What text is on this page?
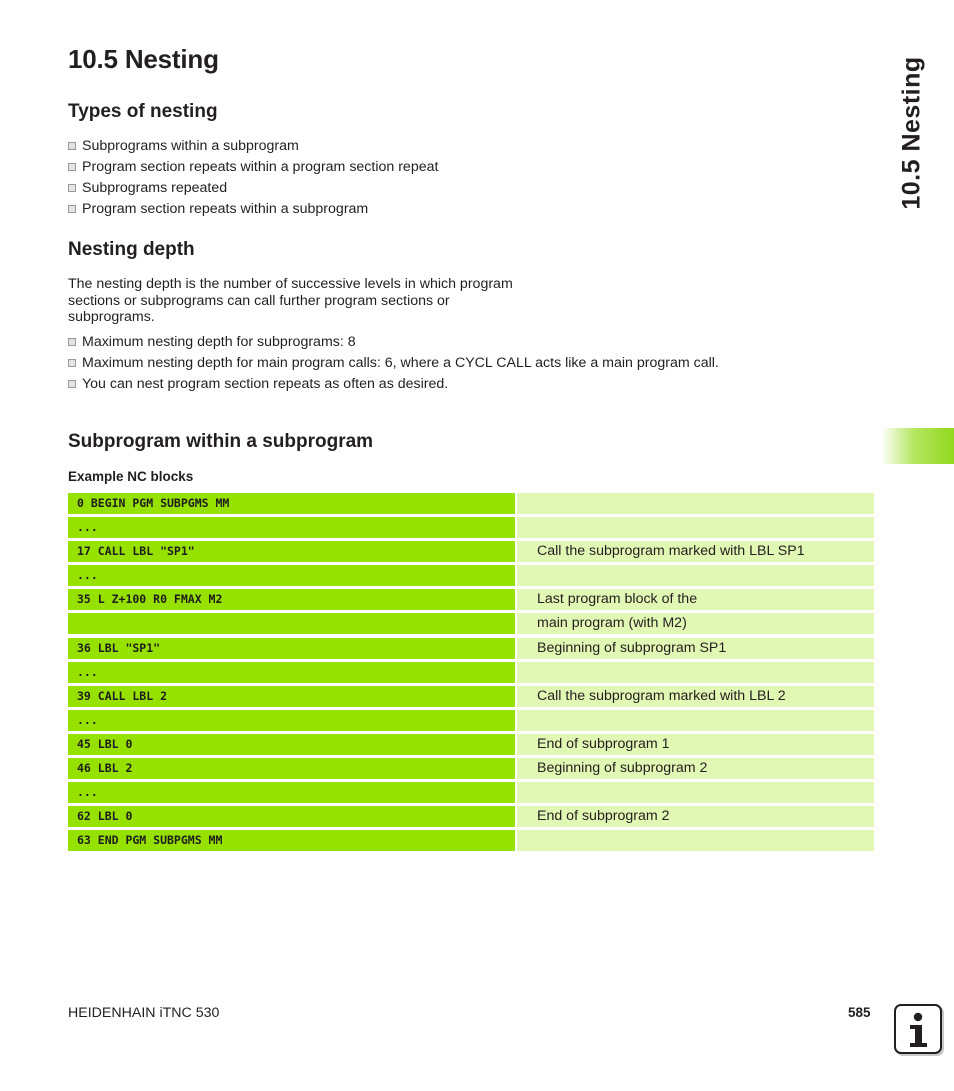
10.5 Nesting	10.5 Nesting
Types of nesting
Subprograms within a subprogram
Program section repeats within a program section repeat
Subprograms repeated
Program section repeats within a subprogram
Nesting depth

The nesting depth is the number of successive levels in which program sections or subprograms can call further program sections or subprograms.

Maximum nesting depth for subprograms: 8
Maximum nesting depth for main program calls: 6, where a CYCL CALL acts like a main program call.
You can nest program section repeats as often as desired.
Subprogram within a subprogram
Example NC blocks
0 BEGIN PGM SUBPGMS MM
...
17 CALL LBL "SP1"	Call the subprogram marked with LBL SP1
...
35 L Z+100 R0 FMAX M2	Last program block of the
main program (with M2)
36 LBL "SP1"	Beginning of subprogram SP1
...
39 CALL LBL 2	Call the subprogram marked with LBL 2
...
45 LBL 0	End of subprogram 1
46 LBL 2	Beginning of subprogram 2
...
62 LBL 0	End of subprogram 2
63 END PGM SUBPGMS MM
HEIDENHAIN iTNC 530	585
